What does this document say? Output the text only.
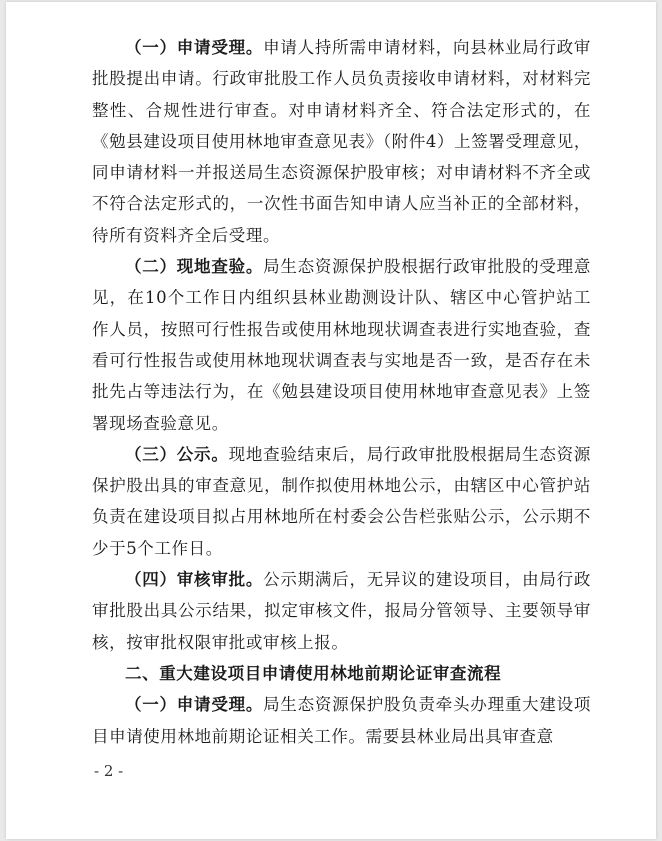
（一）申请受理。申请人持所需申请材料，向县林业局行政审批股提出申请。行政审批股工作人员负责接收申请材料，对材料完整性、合规性进行审查。对申请材料齐全、符合法定形式的，在《勉县建设项目使用林地审查意见表》（附件4）上签署受理意见，同申请材料一并报送局生态资源保护股审核；对申请材料不齐全或不符合法定形式的，一次性书面告知申请人应当补正的全部材料，待所有资料齐全后受理。

（二）现地查验。局生态资源保护股根据行政审批股的受理意见，在10个工作日内组织县林业勘测设计队、辖区中心管护站工作人员，按照可行性报告或使用林地现状调查表进行实地查验，查看可行性报告或使用林地现状调查表与实地是否一致，是否存在未批先占等违法行为，在《勉县建设项目使用林地审查意见表》上签署现场查验意见。

（三）公示。现地查验结束后，局行政审批股根据局生态资源保护股出具的审查意见，制作拟使用林地公示，由辖区中心管护站负责在建设项目拟占用林地所在村委会公告栏张贴公示，公示期不少于5个工作日。

（四）审核审批。公示期满后，无异议的建设项目，由局行政审批股出具公示结果，拟定审核文件，报局分管领导、主要领导审核，按审批权限审批或审核上报。

二、重大建设项目申请使用林地前期论证审查流程

（一）申请受理。局生态资源保护股负责牵头办理重大建设项目申请使用林地前期论证相关工作。需要县林业局出具审查意

- 2 -
